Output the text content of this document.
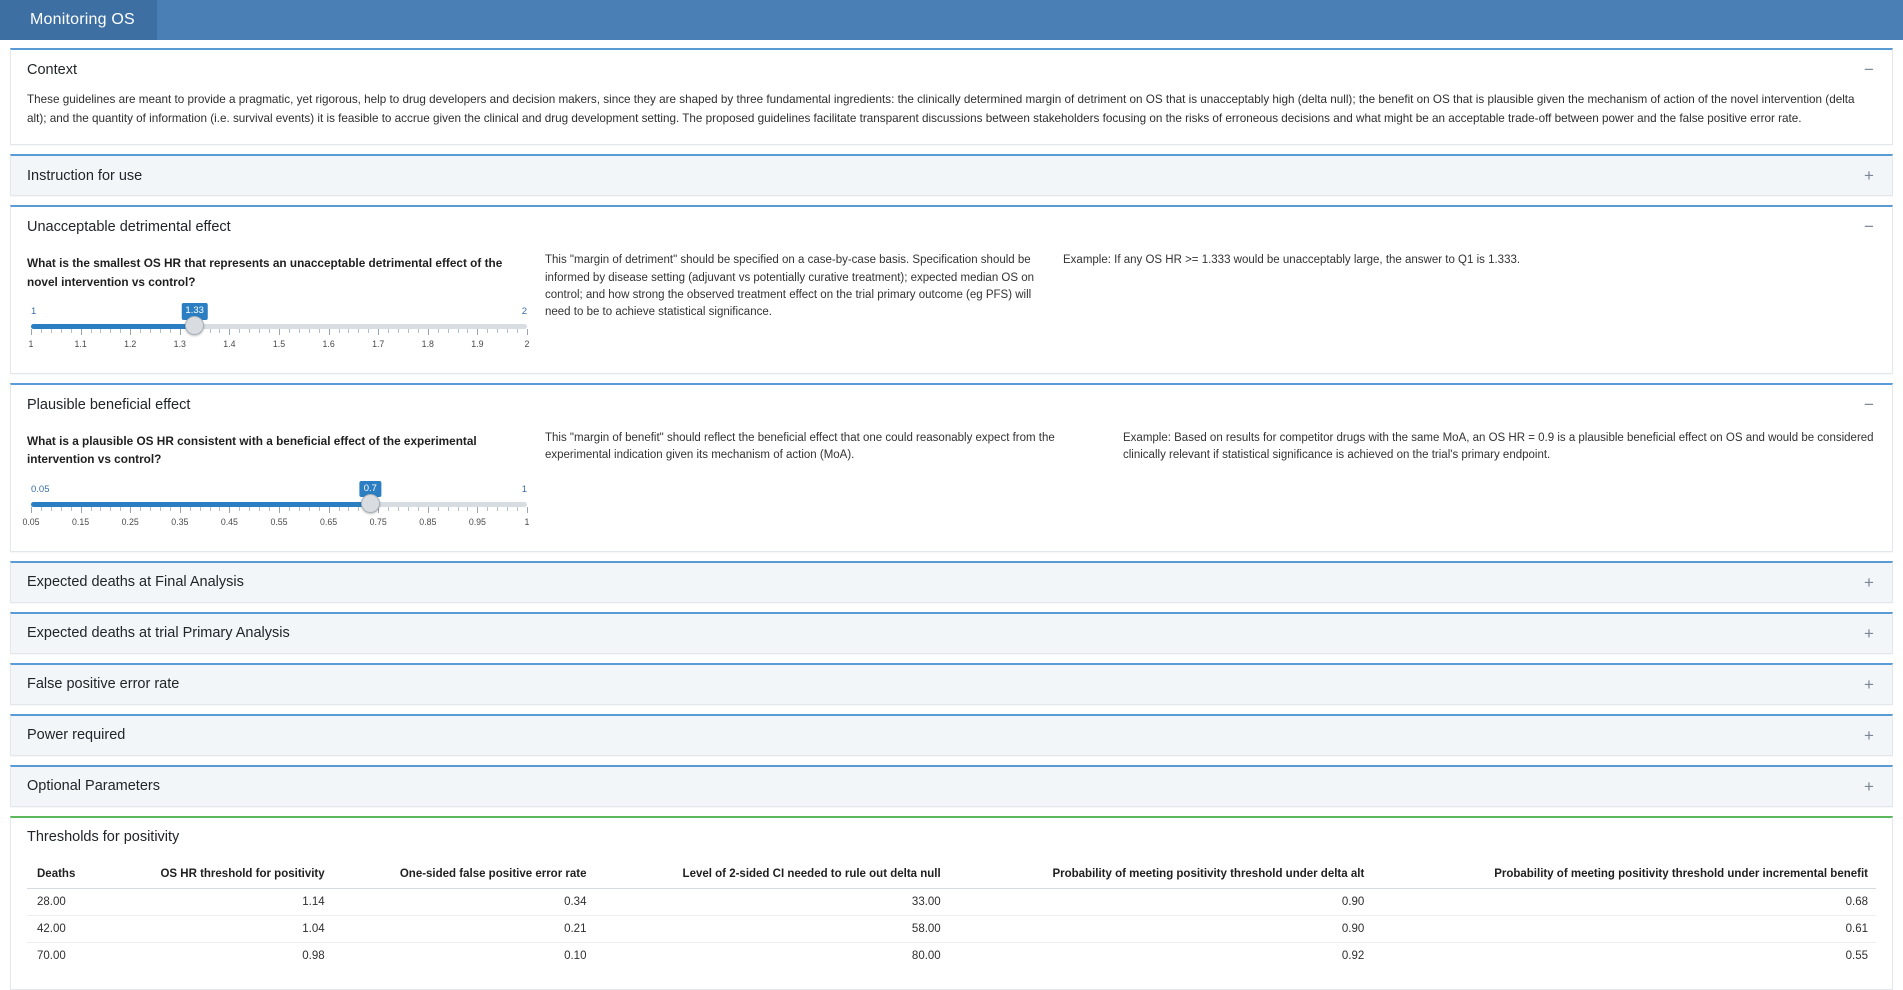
Monitoring OS
Context	−
These guidelines are meant to provide a pragmatic, yet rigorous, help to drug developers and decision makers, since they are shaped by three fundamental ingredients: the clinically determined margin of detriment on OS that is unacceptably high (delta null); the benefit on OS that is plausible given the mechanism of action of the novel intervention (delta alt); and the quantity of information (i.e. survival events) it is feasible to accrue given the clinical and drug development setting. The proposed guidelines facilitate transparent discussions between stakeholders focusing on the risks of erroneous decisions and what might be an acceptable trade-off between power and the false positive error rate.
Instruction for use	+
Unacceptable detrimental effect	−
What is the smallest OS HR that represents an unacceptable detrimental effect of the novel intervention vs control?
1	2
1.33
1	1.1	1.2	1.3	1.4	1.5	1.6	1.7	1.8	1.9	2
This "margin of detriment" should be specified on a case-by-case basis. Specification should be informed by disease setting (adjuvant vs potentially curative treatment); expected median OS on control; and how strong the observed treatment effect on the trial primary outcome (eg PFS) will need to be to achieve statistical significance.
Example: If any OS HR >= 1.333 would be unacceptably large, the answer to Q1 is 1.333.
Plausible beneficial effect	−
What is a plausible OS HR consistent with a beneficial effect of the experimental intervention vs control?
0.05	1
0.7
0.05	0.15	0.25	0.35	0.45	0.55	0.65	0.75	0.85	0.95	1
This "margin of benefit" should reflect the beneficial effect that one could reasonably expect from the experimental indication given its mechanism of action (MoA).
Example: Based on results for competitor drugs with the same MoA, an OS HR = 0.9 is a plausible beneficial effect on OS and would be considered clinically relevant if statistical significance is achieved on the trial's primary endpoint.
Expected deaths at Final Analysis	+
Expected deaths at trial Primary Analysis	+
False positive error rate	+
Power required	+
Optional Parameters	+
Thresholds for positivity
Deaths	OS HR threshold for positivity	One-sided false positive error rate	Level of 2-sided CI needed to rule out delta null	Probability of meeting positivity threshold under delta alt	Probability of meeting positivity threshold under incremental benefit
28.00	1.14	0.34	33.00	0.90	0.68
42.00	1.04	0.21	58.00	0.90	0.61
70.00	0.98	0.10	80.00	0.92	0.55
